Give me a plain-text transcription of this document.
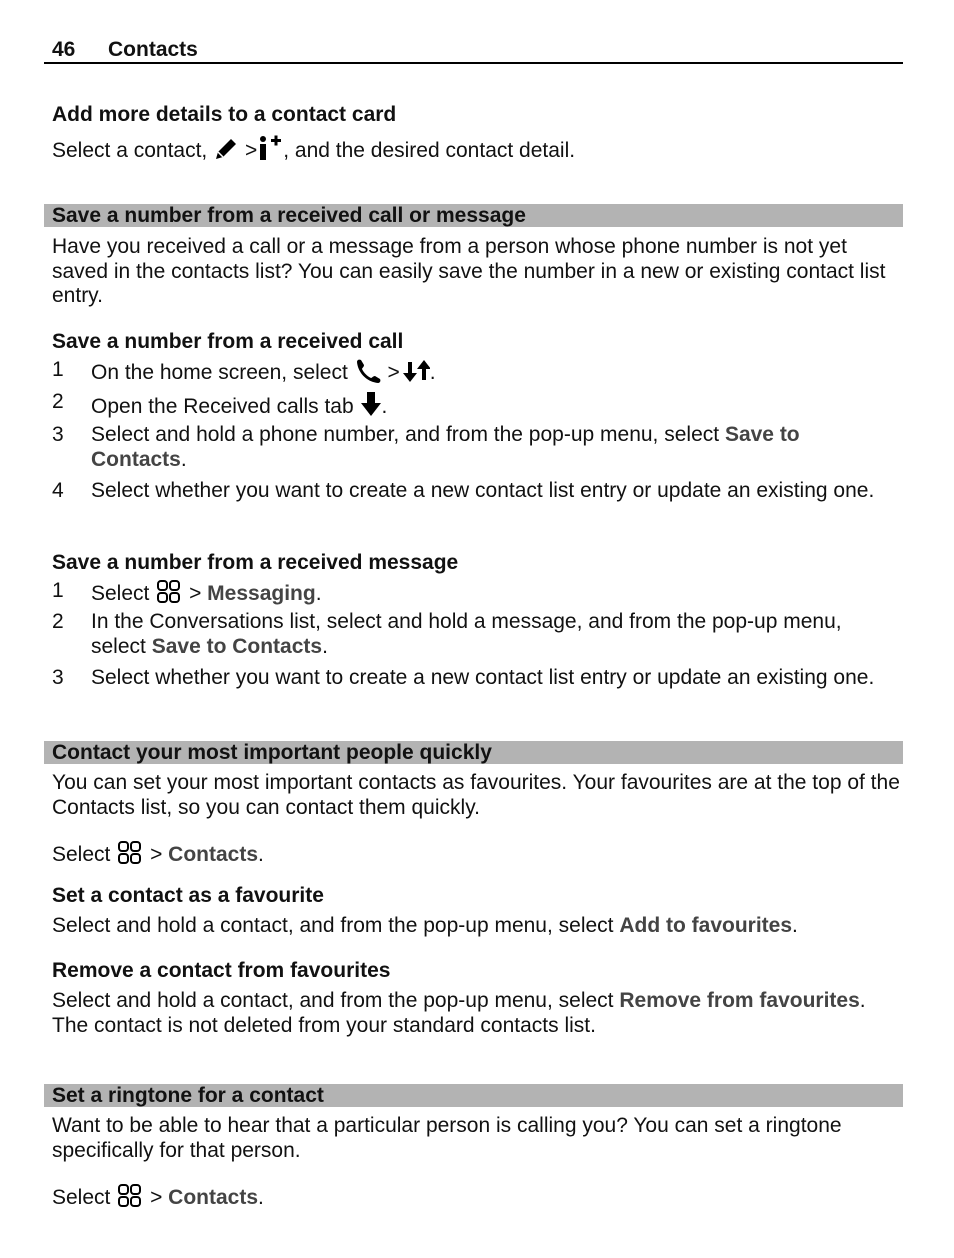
46 Contacts
Add more details to a contact card
Select a contact, > , and the desired contact detail.
Save a number from a received call or message
Have you received a call or a message from a person whose phone number is not yet saved in the contacts list? You can easily save the number in a new or existing contact list entry.
Save a number from a received call
1 On the home screen, select > .
2 Open the Received calls tab .
3 Select and hold a phone number, and from the pop-up menu, select Save to Contacts.
4 Select whether you want to create a new contact list entry or update an existing one.
Save a number from a received message
1 Select > Messaging.
2 In the Conversations list, select and hold a message, and from the pop-up menu, select Save to Contacts.
3 Select whether you want to create a new contact list entry or update an existing one.
Contact your most important people quickly
You can set your most important contacts as favourites. Your favourites are at the top of the Contacts list, so you can contact them quickly.
Select > Contacts.
Set a contact as a favourite
Select and hold a contact, and from the pop-up menu, select Add to favourites.
Remove a contact from favourites
Select and hold a contact, and from the pop-up menu, select Remove from favourites. The contact is not deleted from your standard contacts list.
Set a ringtone for a contact
Want to be able to hear that a particular person is calling you? You can set a ringtone specifically for that person.
Select > Contacts.
